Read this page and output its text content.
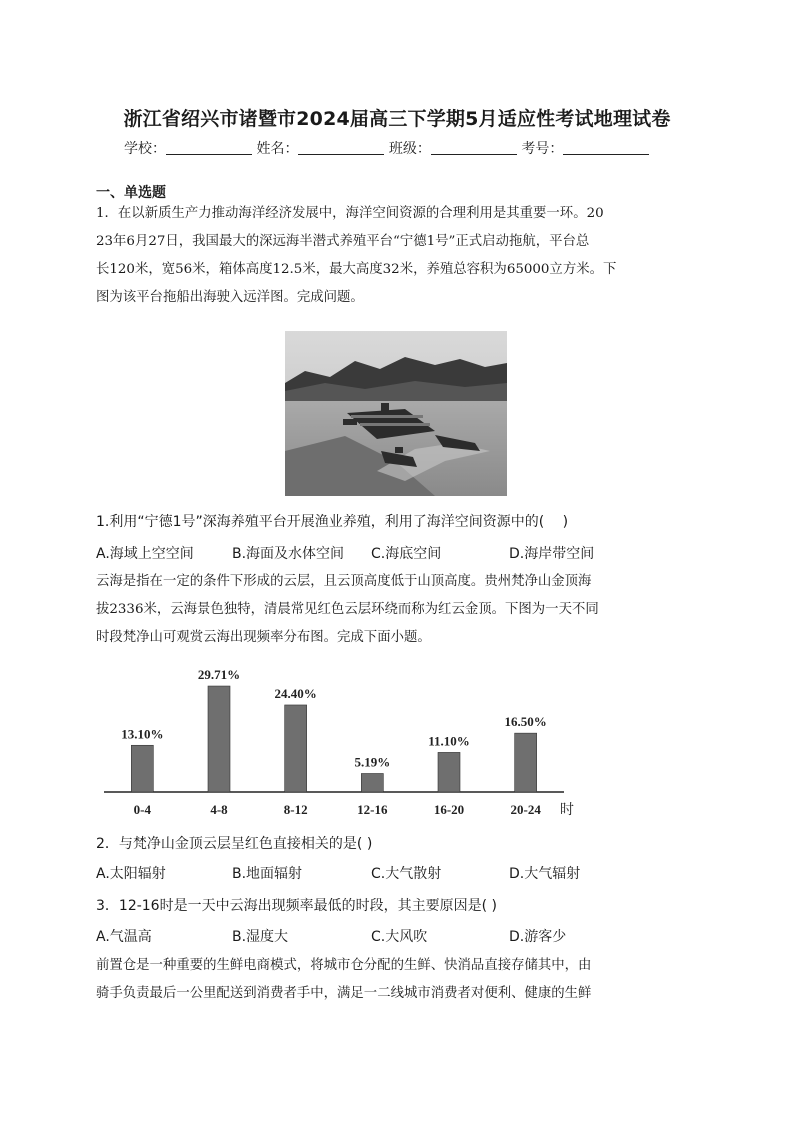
浙江省绍兴市诸暨市2024届高三下学期5月适应性考试地理试卷
学校：	姓名：	班级：	考号：
一、单选题
1．在以新质生产力推动海洋经济发展中，海洋空间资源的合理利用是其重要一环。20
23年6月27日，我国最大的深远海半潜式养殖平台“宁德1号”正式启动拖航，平台总
长120米，宽56米，箱体高度12.5米，最大高度32米，养殖总容积为65000立方米。下
图为该平台拖船出海驶入远洋图。完成问题。
1.利用“宁德1号”深海养殖平台开展渔业养殖，利用了海洋空间资源中的(　 )
A.海域上空空间	B.海面及水体空间 C.海底空间	D.海岸带空间
云海是指在一定的条件下形成的云层，且云顶高度低于山顶高度。贵州梵净山金顶海
拔2336米，云海景色独特，清晨常见红色云层环绕而称为红云金顶。下图为一天不同
时段梵净山可观赏云海出现频率分布图。完成下面小题。
13.10%
29.71%
24.40%
5.19%
11.10%
16.50%
0-4	4-8	8-12	12-16	16-20	20-24 时
2．与梵净山金顶云层呈红色直接相关的是( )
A.太阳辐射	B.地面辐射	C.大气散射	D.大气辐射
3．12-16时是一天中云海出现频率最低的时段，其主要原因是( )
A.气温高	B.湿度大	C.大风吹	D.游客少
前置仓是一种重要的生鲜电商模式，将城市仓分配的生鲜、快消品直接存储其中，由
骑手负责最后一公里配送到消费者手中，满足一二线城市消费者对便利、健康的生鲜
